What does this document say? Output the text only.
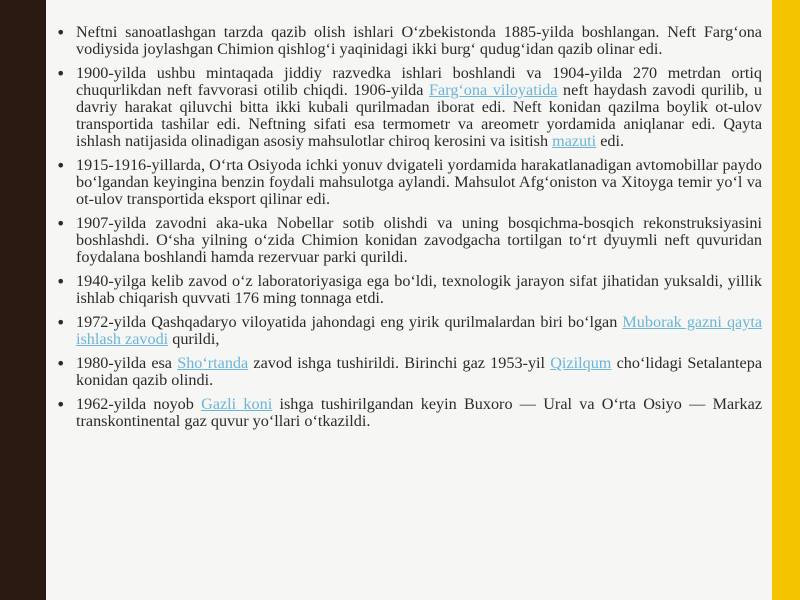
• Neftni sanoatlashgan tarzda qazib olish ishlari O‘zbekistonda 1885-yilda boshlangan. Neft Farg‘ona vodiysida joylashgan Chimion qishlog‘i yaqinidagi ikki burg‘ qudug‘idan qazib olinar edi.
• 1900-yilda ushbu mintaqada jiddiy razvedka ishlari boshlandi va 1904-yilda 270 metrdan ortiq chuqurlikdan neft favvorasi otilib chiqdi. 1906-yilda Farg‘ona viloyatida neft haydash zavodi qurilib, u davriy harakat qiluvchi bitta ikki kubali qurilmadan iborat edi. Neft konidan qazilma boylik ot-ulov transportida tashilar edi. Neftning sifati esa termometr va areometr yordamida aniqlanar edi. Qayta ishlash natijasida olinadigan asosiy mahsulotlar chiroq kerosini va isitish mazuti edi.
• 1915-1916-yillarda, O‘rta Osiyoda ichki yonuv dvigateli yordamida harakatlanadigan avtomobillar paydo bo‘lgandan keyingina benzin foydali mahsulotga aylandi. Mahsulot Afg‘oniston va Xitoyga temir yo‘l va ot-ulov transportida eksport qilinar edi.
• 1907-yilda zavodni aka-uka Nobellar sotib olishdi va uning bosqichma-bosqich rekonstruksiyasini boshlashdi. O‘sha yilning o‘zida Chimion konidan zavodgacha tortilgan to‘rt dyuymli neft quvuridan foydalana boshlandi hamda rezervuar parki qurildi.
• 1940-yilga kelib zavod o‘z laboratoriyasiga ega bo‘ldi, texnologik jarayon sifat jihatidan yuksaldi, yillik ishlab chiqarish quvvati 176 ming tonnaga etdi.
• 1972-yilda Qashqadaryo viloyatida jahondagi eng yirik qurilmalardan biri bo‘lgan Muborak gazni qayta ishlash zavodi qurildi,
• 1980-yilda esa Sho‘rtanda zavod ishga tushirildi. Birinchi gaz 1953-yil Qizilqum cho‘lidagi Setalantepa konidan qazib olindi.
• 1962-yilda noyob Gazli koni ishga tushirilgandan keyin Buxoro — Ural va O‘rta Osiyo — Markaz transkontinental gaz quvur yo‘llari o‘tkazildi.
